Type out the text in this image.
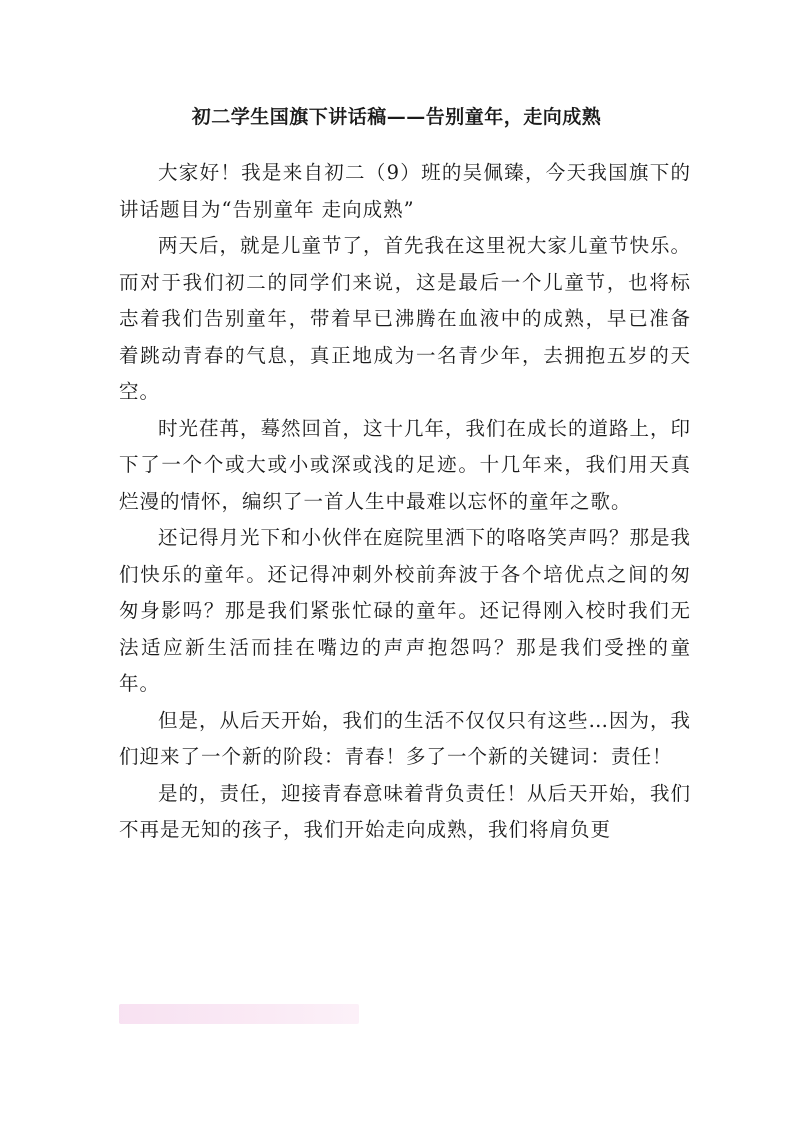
初二学生国旗下讲话稿——告别童年，走向成熟

大家好！我是来自初二（9）班的吴佩臻，今天我国旗下的讲话题目为“告别童年 走向成熟”

两天后，就是儿童节了，首先我在这里祝大家儿童节快乐。而对于我们初二的同学们来说，这是最后一个儿童节，也将标志着我们告别童年，带着早已沸腾在血液中的成熟，早已准备着跳动青春的气息，真正地成为一名青少年，去拥抱五岁的天空。

时光荏苒，蓦然回首，这十几年，我们在成长的道路上，印下了一个个或大或小或深或浅的足迹。十几年来，我们用天真烂漫的情怀，编织了一首人生中最难以忘怀的童年之歌。

还记得月光下和小伙伴在庭院里洒下的咯咯笑声吗？那是我们快乐的童年。还记得冲刺外校前奔波于各个培优点之间的匆匆身影吗？那是我们紧张忙碌的童年。还记得刚入校时我们无法适应新生活而挂在嘴边的声声抱怨吗？那是我们受挫的童年。

但是，从后天开始，我们的生活不仅仅只有这些…因为，我们迎来了一个新的阶段：青春！多了一个新的关键词：责任！

是的，责任，迎接青春意味着背负责任！从后天开始，我们不再是无知的孩子，我们开始走向成熟，我们将肩负更
